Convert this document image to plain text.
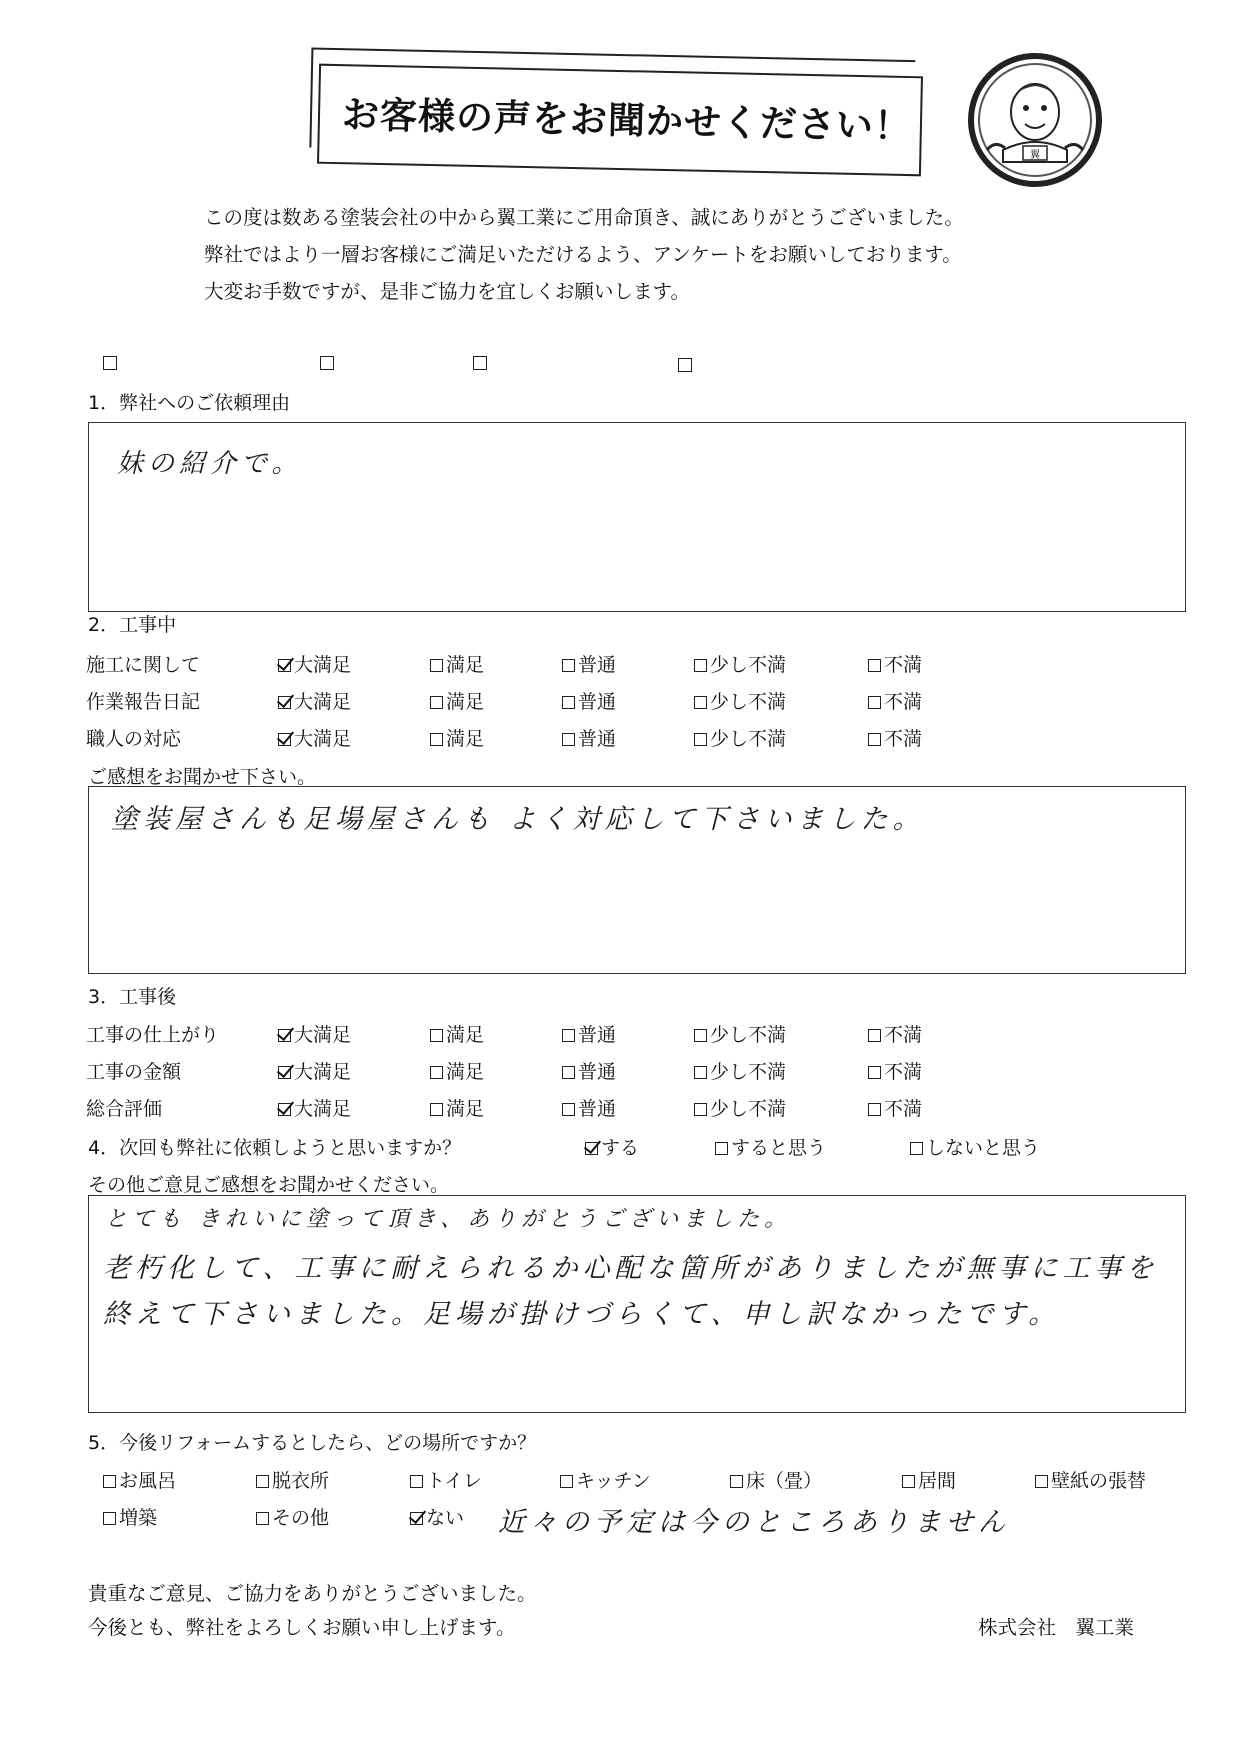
お客様の声をお聞かせください！
翼
この度は数ある塗装会社の中から翼工業にご用命頂き、誠にありがとうございました。
弊社ではより一層お客様にご満足いただけるよう、アンケートをお願いしております。
大変お手数ですが、是非ご協力を宜しくお願いします。
1．弊社へのご依頼理由
妹の紹介で。
2．工事中
施工に関して	大満足	満足	普通	少し不満	不満
作業報告日記	大満足	満足	普通	少し不満	不満
職人の対応	大満足	満足	普通	少し不満	不満
ご感想をお聞かせ下さい。
塗装屋さんも足場屋さんも よく対応して下さいました。
3．工事後
工事の仕上がり	大満足	満足	普通	少し不満	不満
工事の金額	大満足	満足	普通	少し不満	不満
総合評価	大満足	満足	普通	少し不満	不満
4．次回も弊社に依頼しようと思いますか？	する	すると思う	しないと思う
その他ご意見ご感想をお聞かせください。
とても きれいに塗って頂き、ありがとうございました。
老朽化して、工事に耐えられるか心配な箇所がありましたが無事に工事を
終えて下さいました。足場が掛けづらくて、申し訳なかったです。
5．今後リフォームするとしたら、どの場所ですか？
お風呂	脱衣所	トイレ	キッチン	床（畳）	居間	壁紙の張替
増築	その他	ない 近々の予定は今のところありません
貴重なご意見、ご協力をありがとうございました。
今後とも、弊社をよろしくお願い申し上げます。	株式会社　翼工業
